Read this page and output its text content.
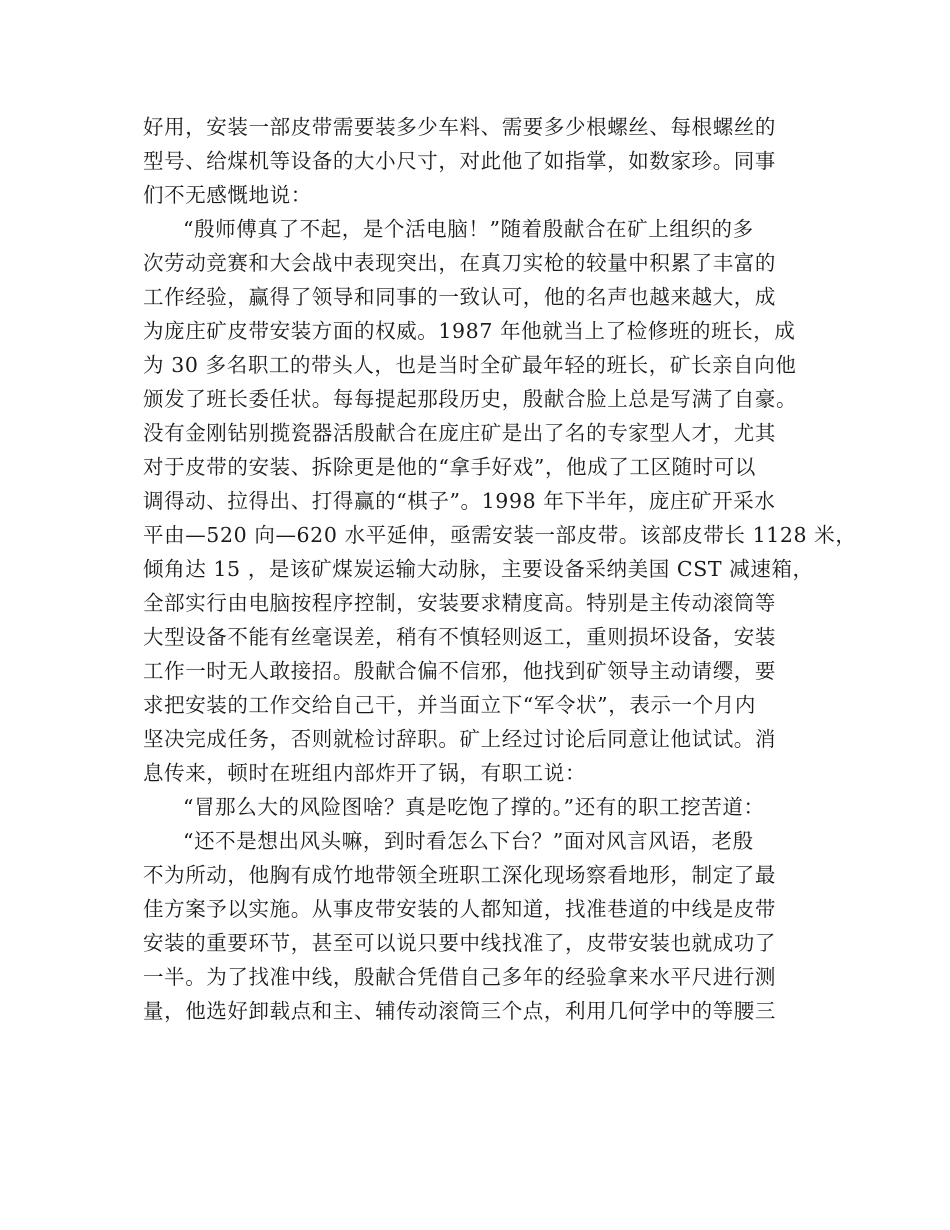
好用，安装一部皮带需要装多少车料、需要多少根螺丝、每根螺丝的
型号、给煤机等设备的大小尺寸，对此他了如指掌，如数家珍。同事
们不无感慨地说：
“殷师傅真了不起，是个活电脑！”随着殷献合在矿上组织的多
次劳动竞赛和大会战中表现突出，在真刀实枪的较量中积累了丰富的
工作经验，赢得了领导和同事的一致认可，他的名声也越来越大，成
为庞庄矿皮带安装方面的权威。1987 年他就当上了检修班的班长，成
为 30 多名职工的带头人，也是当时全矿最年轻的班长，矿长亲自向他
颁发了班长委任状。每每提起那段历史，殷献合脸上总是写满了自豪。
没有金刚钻别揽瓷器活殷献合在庞庄矿是出了名的专家型人才，尤其
对于皮带的安装、拆除更是他的“拿手好戏”，他成了工区随时可以
调得动、拉得出、打得赢的“棋子”。1998 年下半年，庞庄矿开采水
平由—520 向—620 水平延伸，亟需安装一部皮带。该部皮带长 1128 米，
倾角达 15 ，是该矿煤炭运输大动脉，主要设备采纳美国 CST 减速箱，
全部实行由电脑按程序控制，安装要求精度高。特别是主传动滚筒等
大型设备不能有丝毫误差，稍有不慎轻则返工，重则损坏设备，安装
工作一时无人敢接招。殷献合偏不信邪，他找到矿领导主动请缨，要
求把安装的工作交给自己干，并当面立下“军令状”，表示一个月内
坚决完成任务，否则就检讨辞职。矿上经过讨论后同意让他试试。消
息传来，顿时在班组内部炸开了锅，有职工说：
“冒那么大的风险图啥？真是吃饱了撑的。”还有的职工挖苦道：
“还不是想出风头嘛，到时看怎么下台？”面对风言风语，老殷
不为所动，他胸有成竹地带领全班职工深化现场察看地形，制定了最
佳方案予以实施。从事皮带安装的人都知道，找准巷道的中线是皮带
安装的重要环节，甚至可以说只要中线找准了，皮带安装也就成功了
一半。为了找准中线，殷献合凭借自己多年的经验拿来水平尺进行测
量，他选好卸载点和主、辅传动滚筒三个点，利用几何学中的等腰三
